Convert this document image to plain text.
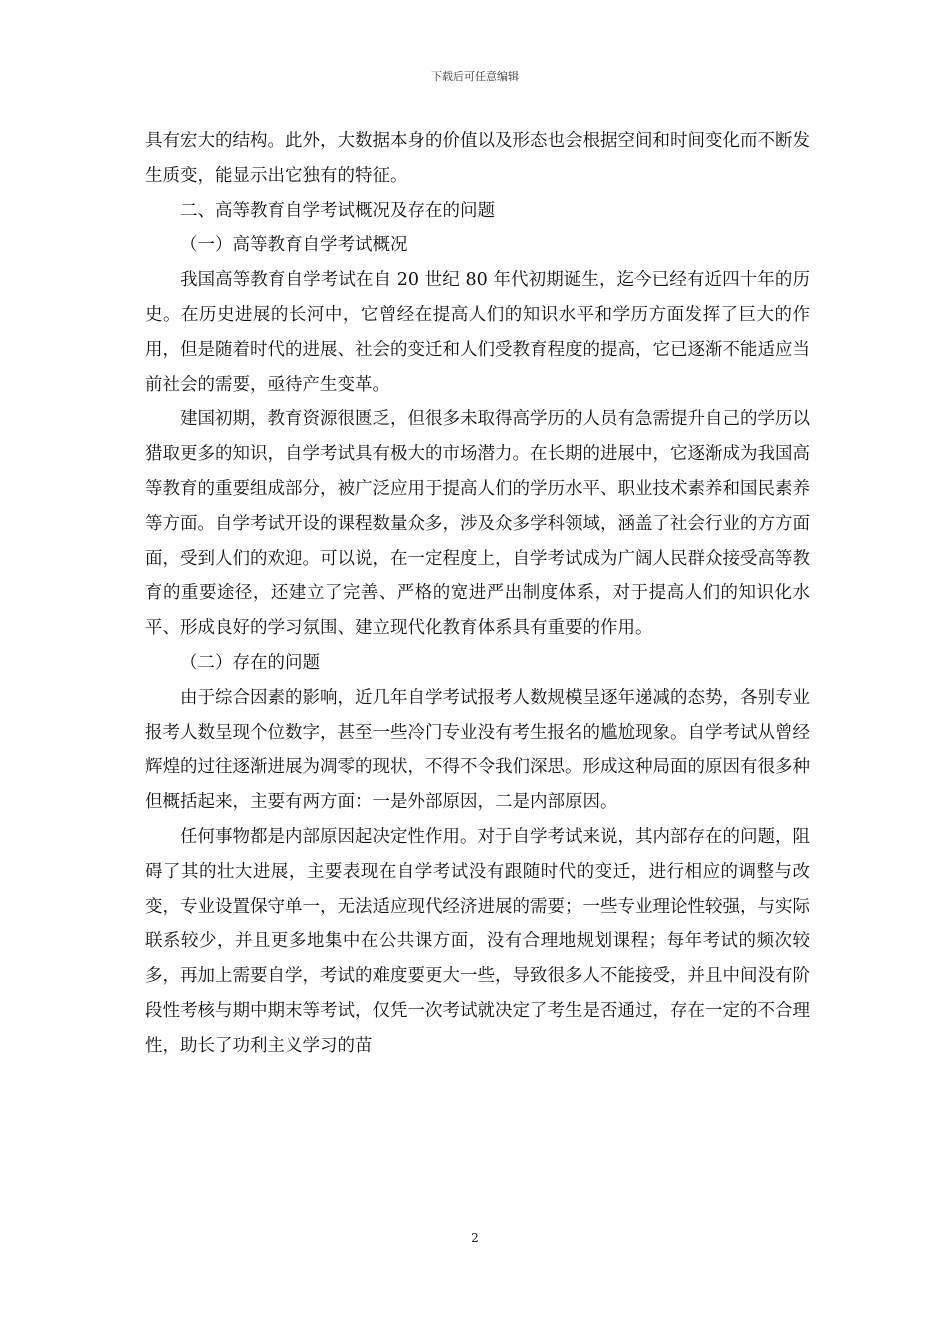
下载后可任意编辑

具有宏大的结构。此外，大数据本身的价值以及形态也会根据空间和时间变化而不断发生质变，能显示出它独有的特征。

二、高等教育自学考试概况及存在的问题

（一）高等教育自学考试概况

我国高等教育自学考试在自 20 世纪 80 年代初期诞生，迄今已经有近四十年的历史。在历史进展的长河中，它曾经在提高人们的知识水平和学历方面发挥了巨大的作用，但是随着时代的进展、社会的变迁和人们受教育程度的提高，它已逐渐不能适应当前社会的需要，亟待产生变革。

建国初期，教育资源很匮乏，但很多未取得高学历的人员有急需提升自己的学历以猎取更多的知识，自学考试具有极大的市场潜力。在长期的进展中，它逐渐成为我国高等教育的重要组成部分，被广泛应用于提高人们的学历水平、职业技术素养和国民素养等方面。自学考试开设的课程数量众多，涉及众多学科领域，涵盖了社会行业的方方面面，受到人们的欢迎。可以说，在一定程度上，自学考试成为广阔人民群众接受高等教育的重要途径，还建立了完善、严格的宽进严出制度体系，对于提高人们的知识化水平、形成良好的学习氛围、建立现代化教育体系具有重要的作用。

（二）存在的问题

由于综合因素的影响，近几年自学考试报考人数规模呈逐年递减的态势，各别专业报考人数呈现个位数字，甚至一些冷门专业没有考生报名的尴尬现象。自学考试从曾经辉煌的过往逐渐进展为凋零的现状，不得不令我们深思。形成这种局面的原因有很多种但概括起来，主要有两方面：一是外部原因，二是内部原因。

任何事物都是内部原因起决定性作用。对于自学考试来说，其内部存在的问题，阻碍了其的壮大进展，主要表现在自学考试没有跟随时代的变迁，进行相应的调整与改变，专业设置保守单一，无法适应现代经济进展的需要；一些专业理论性较强，与实际联系较少，并且更多地集中在公共课方面，没有合理地规划课程；每年考试的频次较多，再加上需要自学，考试的难度要更大一些，导致很多人不能接受，并且中间没有阶段性考核与期中期末等考试，仅凭一次考试就决定了考生是否通过，存在一定的不合理性，助长了功利主义学习的苗

2
